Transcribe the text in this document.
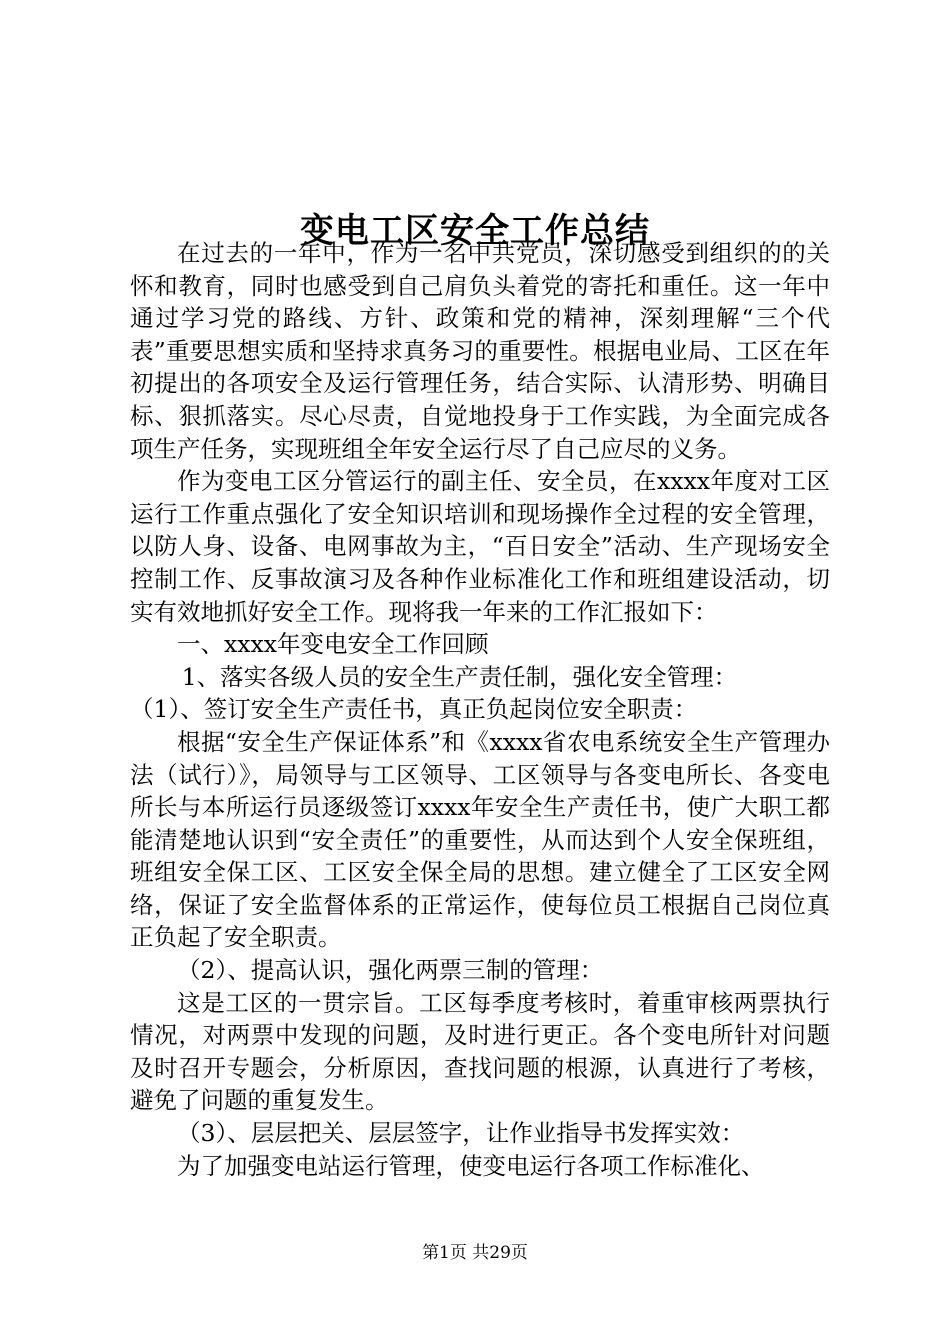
变电工区安全工作总结

在过去的一年中，作为一名中共党员，深切感受到组织的的关怀和教育，同时也感受到自己肩负头着党的寄托和重任。这一年中通过学习党的路线、方针、政策和党的精神，深刻理解“三个代表”重要思想实质和坚持求真务习的重要性。根据电业局、工区在年初提出的各项安全及运行管理任务，结合实际、认清形势、明确目标、狠抓落实。尽心尽责，自觉地投身于工作实践，为全面完成各项生产任务，实现班组全年安全运行尽了自己应尽的义务。

作为变电工区分管运行的副主任、安全员，在xxxx年度对工区运行工作重点强化了安全知识培训和现场操作全过程的安全管理，以防人身、设备、电网事故为主，“百日安全”活动、生产现场安全控制工作、反事故演习及各种作业标准化工作和班组建设活动，切实有效地抓好安全工作。现将我一年来的工作汇报如下：

一、xxxx年变电安全工作回顾

1、落实各级人员的安全生产责任制，强化安全管理：

（1）、签订安全生产责任书，真正负起岗位安全职责：

根据“安全生产保证体系”和《xxxx省农电系统安全生产管理办法（试行）》，局领导与工区领导、工区领导与各变电所长、各变电所长与本所运行员逐级签订xxxx年安全生产责任书，使广大职工都能清楚地认识到“安全责任”的重要性，从而达到个人安全保班组，班组安全保工区、工区安全保全局的思想。建立健全了工区安全网络，保证了安全监督体系的正常运作，使每位员工根据自己岗位真正负起了安全职责。

（2）、提高认识，强化两票三制的管理：

这是工区的一贯宗旨。工区每季度考核时，着重审核两票执行情况，对两票中发现的问题，及时进行更正。各个变电所针对问题及时召开专题会，分析原因，查找问题的根源，认真进行了考核，避免了问题的重复发生。

（3）、层层把关、层层签字，让作业指导书发挥实效：

为了加强变电站运行管理，使变电运行各项工作标准化、

第1页 共29页
